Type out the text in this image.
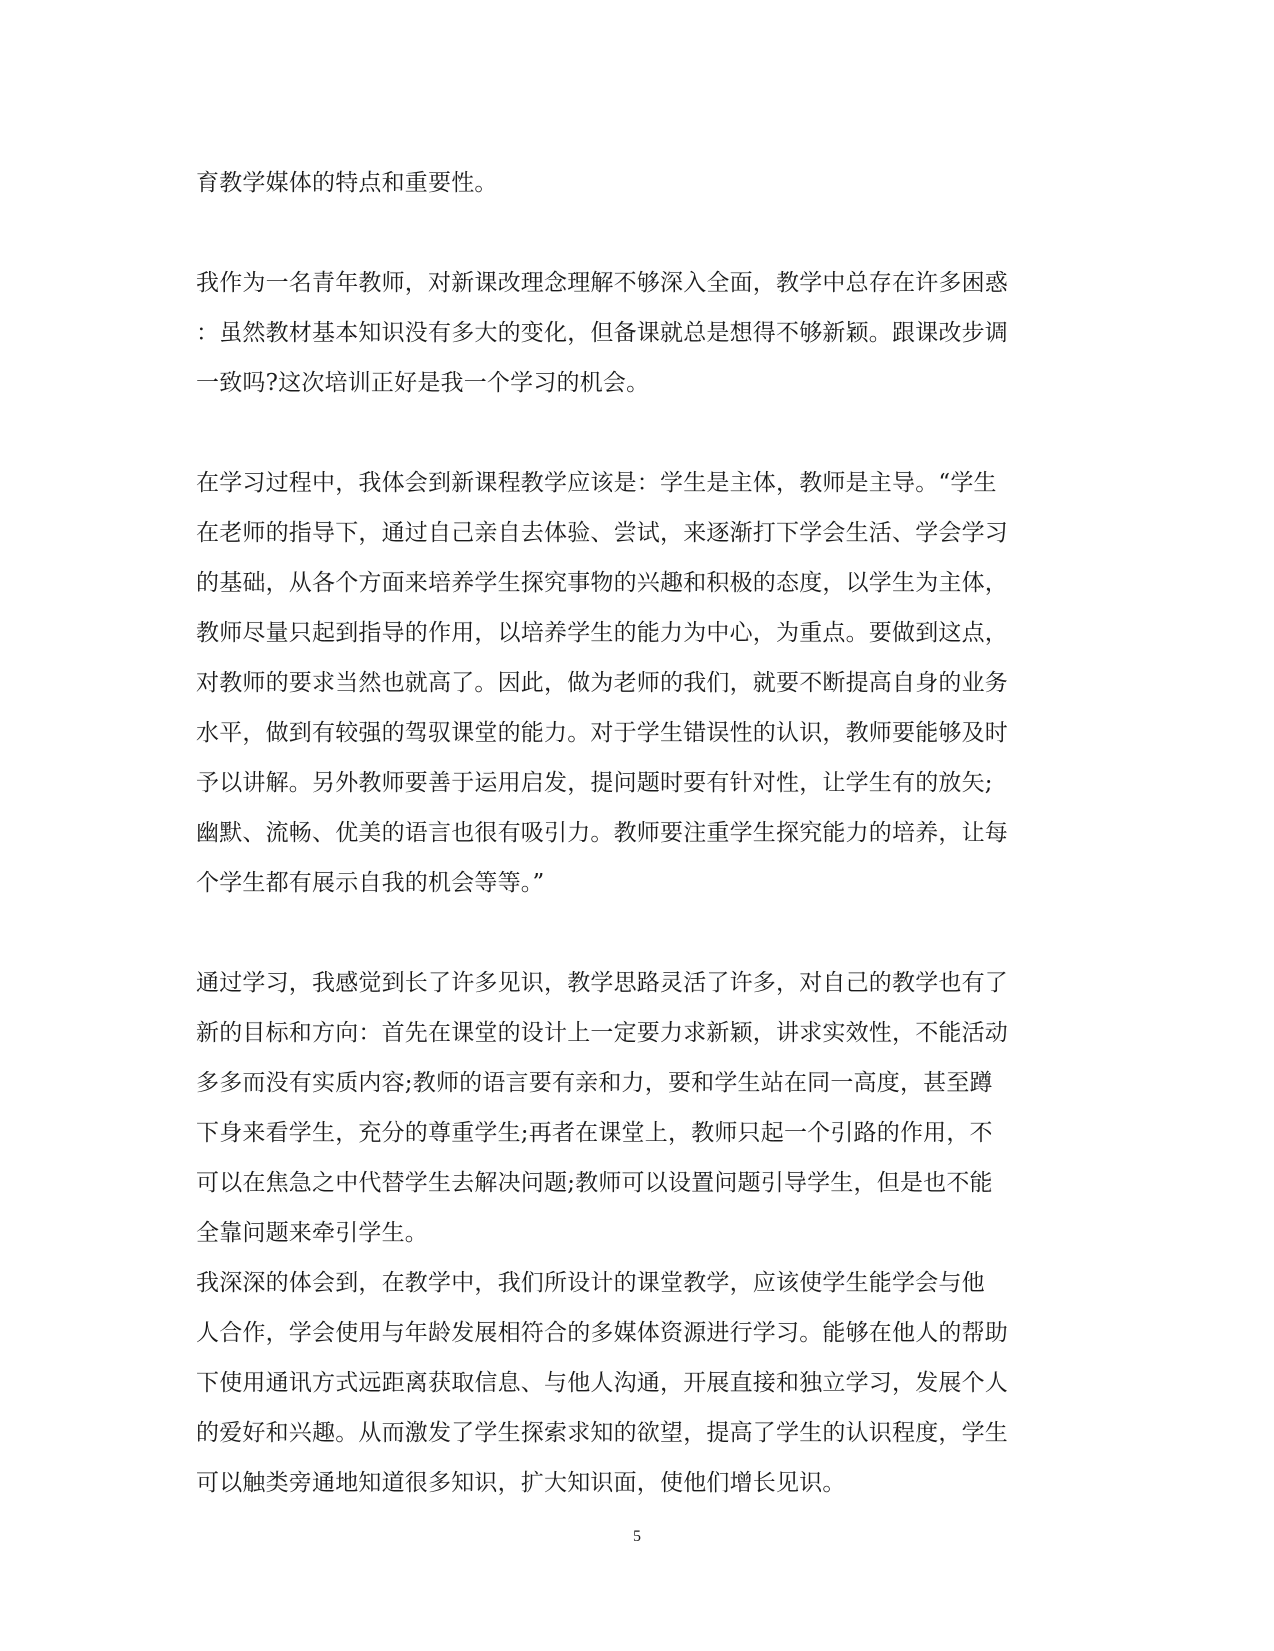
育教学媒体的特点和重要性。
我作为一名青年教师，对新课改理念理解不够深入全面，教学中总存在许多困惑
：虽然教材基本知识没有多大的变化，但备课就总是想得不够新颖。跟课改步调
一致吗?这次培训正好是我一个学习的机会。
在学习过程中，我体会到新课程教学应该是：学生是主体，教师是主导。“学生
在老师的指导下，通过自己亲自去体验、尝试，来逐渐打下学会生活、学会学习
的基础，从各个方面来培养学生探究事物的兴趣和积极的态度，以学生为主体，
教师尽量只起到指导的作用，以培养学生的能力为中心，为重点。要做到这点，
对教师的要求当然也就高了。因此，做为老师的我们，就要不断提高自身的业务
水平，做到有较强的驾驭课堂的能力。对于学生错误性的认识，教师要能够及时
予以讲解。另外教师要善于运用启发，提问题时要有针对性，让学生有的放矢;
幽默、流畅、优美的语言也很有吸引力。教师要注重学生探究能力的培养，让每
个学生都有展示自我的机会等等。”
通过学习，我感觉到长了许多见识，教学思路灵活了许多，对自己的教学也有了
新的目标和方向：首先在课堂的设计上一定要力求新颖，讲求实效性，不能活动
多多而没有实质内容;教师的语言要有亲和力，要和学生站在同一高度，甚至蹲
下身来看学生，充分的尊重学生;再者在课堂上，教师只起一个引路的作用，不
可以在焦急之中代替学生去解决问题;教师可以设置问题引导学生，但是也不能
全靠问题来牵引学生。
我深深的体会到，在教学中，我们所设计的课堂教学，应该使学生能学会与他
人合作，学会使用与年龄发展相符合的多媒体资源进行学习。能够在他人的帮助
下使用通讯方式远距离获取信息、与他人沟通，开展直接和独立学习，发展个人
的爱好和兴趣。从而激发了学生探索求知的欲望，提高了学生的认识程度，学生
可以触类旁通地知道很多知识，扩大知识面，使他们增长见识。
5
